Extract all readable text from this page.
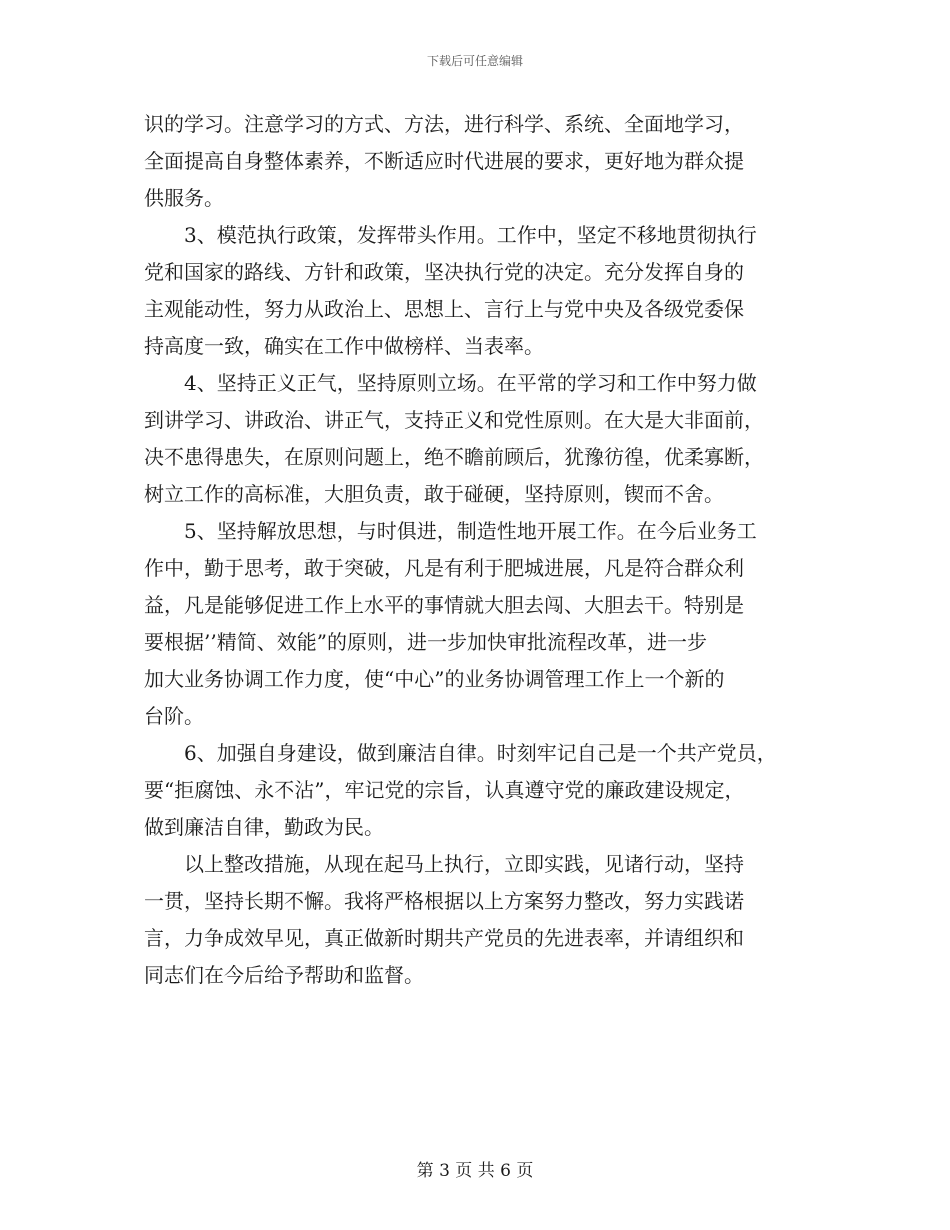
下载后可任意编辑
识的学习。注意学习的方式、方法，进行科学、系统、全面地学习，
全面提高自身整体素养，不断适应时代进展的要求，更好地为群众提
供服务。
　　3、模范执行政策，发挥带头作用。工作中，坚定不移地贯彻执行
党和国家的路线、方针和政策，坚决执行党的决定。充分发挥自身的
主观能动性，努力从政治上、思想上、言行上与党中央及各级党委保
持高度一致，确实在工作中做榜样、当表率。
　　4、坚持正义正气，坚持原则立场。在平常的学习和工作中努力做
到讲学习、讲政治、讲正气，支持正义和党性原则。在大是大非面前，
决不患得患失，在原则问题上，绝不瞻前顾后，犹豫彷徨，优柔寡断，
树立工作的高标准，大胆负责，敢于碰硬，坚持原则，锲而不舍。
　　5、坚持解放思想，与时俱进，制造性地开展工作。在今后业务工
作中，勤于思考，敢于突破，凡是有利于肥城进展，凡是符合群众利
益，凡是能够促进工作上水平的事情就大胆去闯、大胆去干。特别是
要根据’’精简、效能”的原则，进一步加快审批流程改革，进一步
加大业务协调工作力度，使“中心”的业务协调管理工作上一个新的
台阶。
　　6、加强自身建设，做到廉洁自律。时刻牢记自己是一个共产党员，
要“拒腐蚀、永不沾”，牢记党的宗旨，认真遵守党的廉政建设规定，
做到廉洁自律，勤政为民。
　　以上整改措施，从现在起马上执行，立即实践，见诸行动，坚持
一贯，坚持长期不懈。我将严格根据以上方案努力整改，努力实践诺
言，力争成效早见，真正做新时期共产党员的先进表率，并请组织和
同志们在今后给予帮助和监督。
第 3 页 共 6 页
